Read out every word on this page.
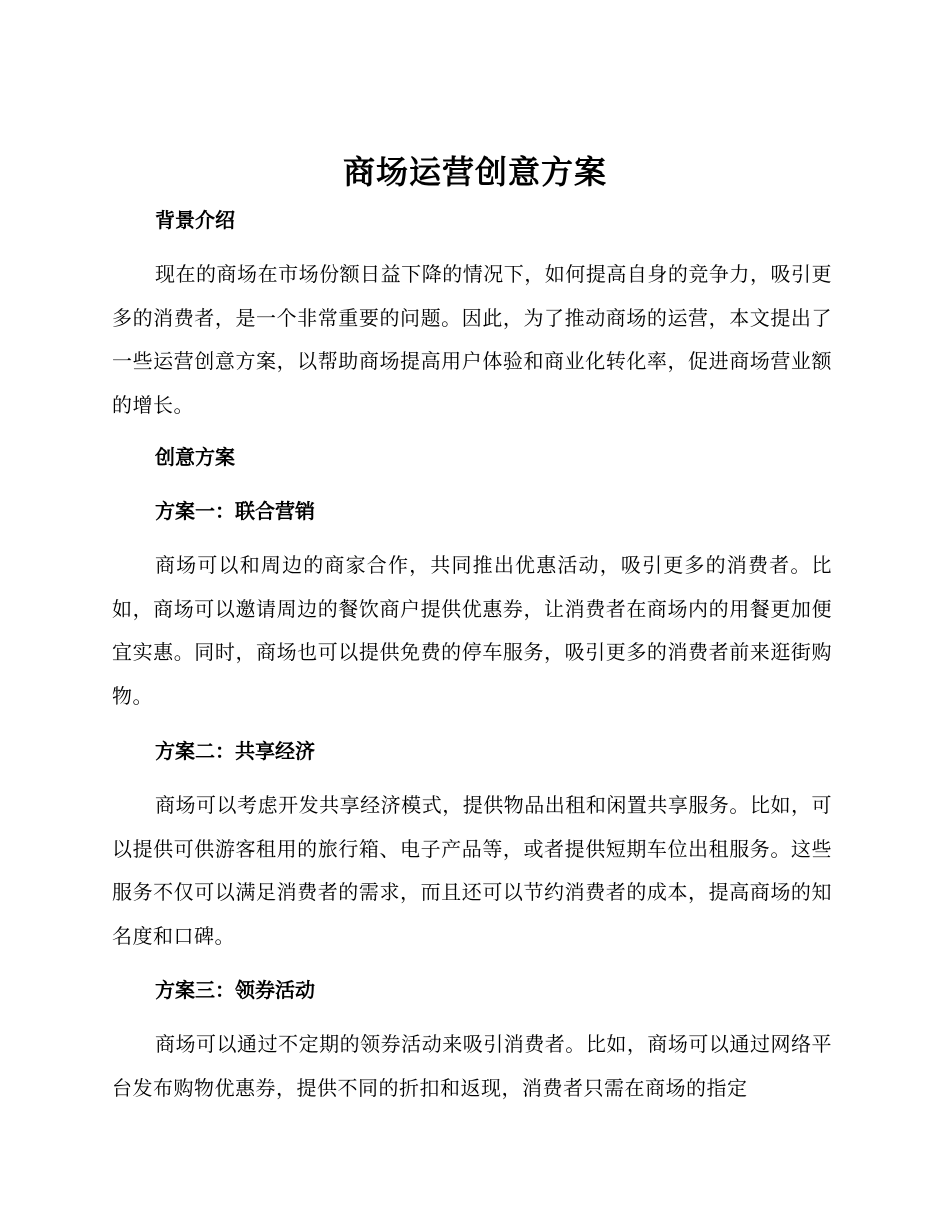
商场运营创意方案

背景介绍

现在的商场在市场份额日益下降的情况下，如何提高自身的竞争力，吸引更多的消费者，是一个非常重要的问题。因此，为了推动商场的运营，本文提出了一些运营创意方案，以帮助商场提高用户体验和商业化转化率，促进商场营业额的增长。

创意方案

方案一：联合营销

商场可以和周边的商家合作，共同推出优惠活动，吸引更多的消费者。比如，商场可以邀请周边的餐饮商户提供优惠券，让消费者在商场内的用餐更加便宜实惠。同时，商场也可以提供免费的停车服务，吸引更多的消费者前来逛街购物。

方案二：共享经济

商场可以考虑开发共享经济模式，提供物品出租和闲置共享服务。比如，可以提供可供游客租用的旅行箱、电子产品等，或者提供短期车位出租服务。这些服务不仅可以满足消费者的需求，而且还可以节约消费者的成本，提高商场的知名度和口碑。

方案三：领券活动

商场可以通过不定期的领券活动来吸引消费者。比如，商场可以通过网络平台发布购物优惠券，提供不同的折扣和返现，消费者只需在商场的指定
